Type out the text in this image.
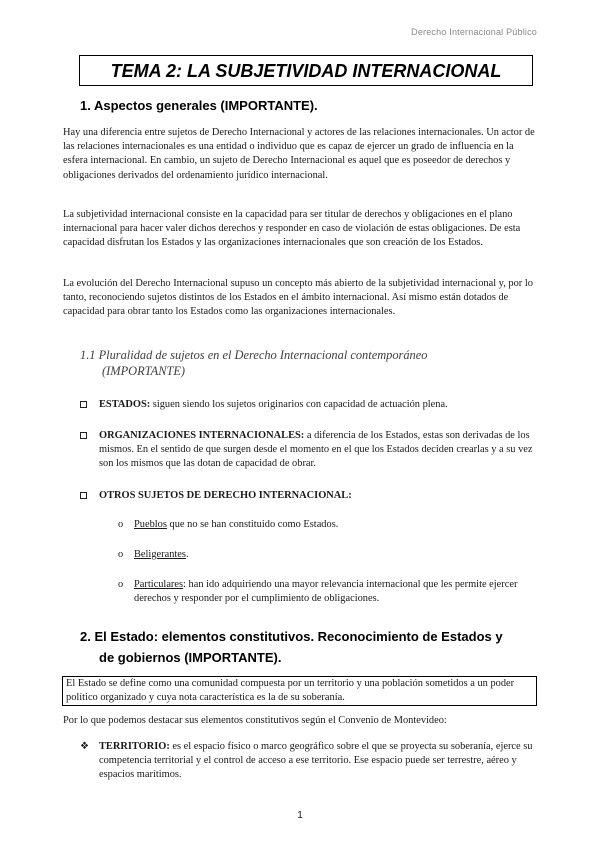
Derecho Internacional Público
TEMA 2: LA SUBJETIVIDAD INTERNACIONAL
1. Aspectos generales (IMPORTANTE).

Hay una diferencia entre sujetos de Derecho Internacional y actores de las relaciones internacionales. Un actor de las relaciones internacionales es una entidad o individuo que es capaz de ejercer un grado de influencia en la esfera internacional. En cambio, un sujeto de Derecho Internacional es aquel que es poseedor de derechos y obligaciones derivados del ordenamiento jurídico internacional.

La subjetividad internacional consiste en la capacidad para ser titular de derechos y obligaciones en el plano internacional para hacer valer dichos derechos y responder en caso de violación de estas obligaciones. De esta capacidad disfrutan los Estados y las organizaciones internacionales que son creación de los Estados.

La evolución del Derecho Internacional supuso un concepto más abierto de la subjetividad internacional y, por lo tanto, reconociendo sujetos distintos de los Estados en el ámbito internacional. Así mismo están dotados de capacidad para obrar tanto los Estados como las organizaciones internacionales.

1.1 Pluralidad de sujetos en el Derecho Internacional contemporáneo
(IMPORTANTE)
ESTADOS: siguen siendo los sujetos originarios con capacidad de actuación plena.
ORGANIZACIONES INTERNACIONALES: a diferencia de los Estados, estas son derivadas de los mismos. En el sentido de que surgen desde el momento en el que los Estados deciden crearlas y a su vez son los mismos que las dotan de capacidad de obrar.
OTROS SUJETOS DE DERECHO INTERNACIONAL:
o Pueblos que no se han constituido como Estados.
o Beligerantes.
o Particulares: han ido adquiriendo una mayor relevancia internacional que les permite ejercer derechos y responder por el cumplimiento de obligaciones.
2. El Estado: elementos constitutivos. Reconocimiento de Estados y
de gobiernos (IMPORTANTE).
El Estado se define como una comunidad compuesta por un territorio y una población sometidos a un poder político organizado y cuya nota característica es la de su soberanía.

Por lo que podemos destacar sus elementos constitutivos según el Convenio de Montevideo:

❖ TERRITORIO: es el espacio físico o marco geográfico sobre el que se proyecta su soberanía, ejerce su competencia territorial y el control de acceso a ese territorio. Ese espacio puede ser terrestre, aéreo y espacios marítimos.
1
